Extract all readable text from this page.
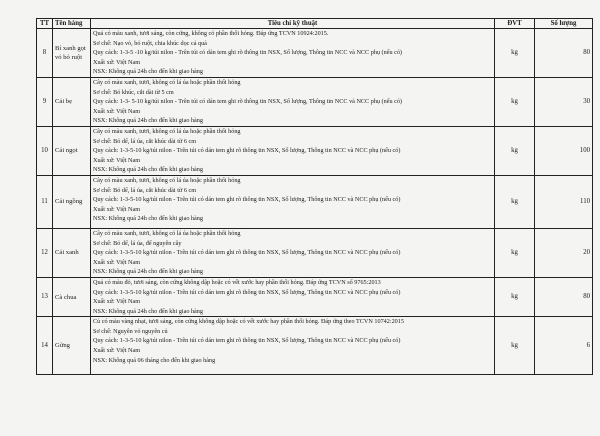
TT	Tên hàng	Tiêu chí kỹ thuật	ĐVT	Số lượng
8	Bí xanh gọt vỏ bỏ ruột	Quả có màu xanh, tươi sáng, còn cứng, không có phần thối hỏng. Đáp ứng TCVN 10924:2015.
Sơ chế: Nạo vỏ, bỏ ruột, chia khúc dọc cả quả
Quy cách: 1-3-5 -10 kg/túi nilon - Trên túi có dán tem ghi rõ thông tin NSX, Số lượng, Thông tin NCC và NCC phụ (nếu có)
Xuất xứ: Việt Nam
NSX: Không quá 24h cho đến khi giao hàng	kg	80
9	Cải bẹ	Cây có màu xanh, tươi, không có lá úa hoặc phần thối hỏng
Sơ chế: Bỏ khúc, cắt dài từ 5 cm
Quy cách: 1-3- 5-10 kg/túi nilon - Trên túi có dán tem ghi rõ thông tin NSX, Số lượng, Thông tin NCC và NCC phụ (nếu có)
Xuất xứ: Việt Nam
NSX: Không quá 24h cho đến khi giao hàng	kg	30
10	Cải ngọt	Cây có màu xanh, tươi, không có lá úa hoặc phần thối hỏng
Sơ chế: Bỏ dể, lá úa, cắt khúc dài từ 6 cm
Quy cách: 1-3-5-10 kg/túi nilon - Trên túi có dán tem ghi rõ thông tin NSX, Số lượng, Thông tin NCC và NCC phụ (nếu có)
Xuất xứ: Việt Nam
NSX: Không quá 24h cho đến khi giao hàng	kg	100
11	Cải ngồng	Cây có màu xanh, tươi, không có lá úa hoặc phần thối hỏng
Sơ chế: Bỏ dể, lá úa, cắt khúc dài từ 6 cm
Quy cách: 1-3-5-10 kg/túi nilon - Trên túi có dán tem ghi rõ thông tin NSX, Số lượng, Thông tin NCC và NCC phụ (nếu có)
Xuất xứ: Việt Nam
NSX: Không quá 24h cho đến khi giao hàng	kg	110
12	Cải xanh	Cây có màu xanh, tươi, không có lá úa hoặc phần thối hỏng
Sơ chế: Bỏ dể, lá úa, để nguyên cây
Quy cách: 1-3-5-10 kg/túi nilon - Trên túi có dán tem ghi rõ thông tin NSX, Số lượng, Thông tin NCC và NCC phụ (nếu có)
Xuất xứ: Việt Nam
NSX: Không quá 24h cho đến khi giao hàng	kg	20
13	Cà chua	Quả có màu đỏ, tươi sáng, còn cứng không dập hoặc có vết xước hay phần thối hỏng. Đáp ứng TCVN số 9765:2013
Quy cách: 1-3-5-10 kg/túi nilon - Trên túi có dán tem ghi rõ thông tin NSX, Số lượng, Thông tin NCC và NCC phụ (nếu có)
Xuất xứ: Việt Nam
NSX: Không quá 24h cho đến khi giao hàng	kg	80
14	Gừng	Củ có màu vàng nhạt, tươi sáng, còn cứng không dập hoặc có vết xước hay phần thối hỏng. Đáp ứng theo TCVN 10742:2015
Sơ chế: Nguyên vỏ nguyên củ
Quy cách: 1-3-5-10 kg/túi nilon - Trên túi có dán tem ghi rõ thông tin NSX, Số lượng, Thông tin NCC và NCC phụ (nếu có)
Xuất xứ: Việt Nam
NSX: Không quá 06 tháng cho đến khi giao hàng	kg	6
